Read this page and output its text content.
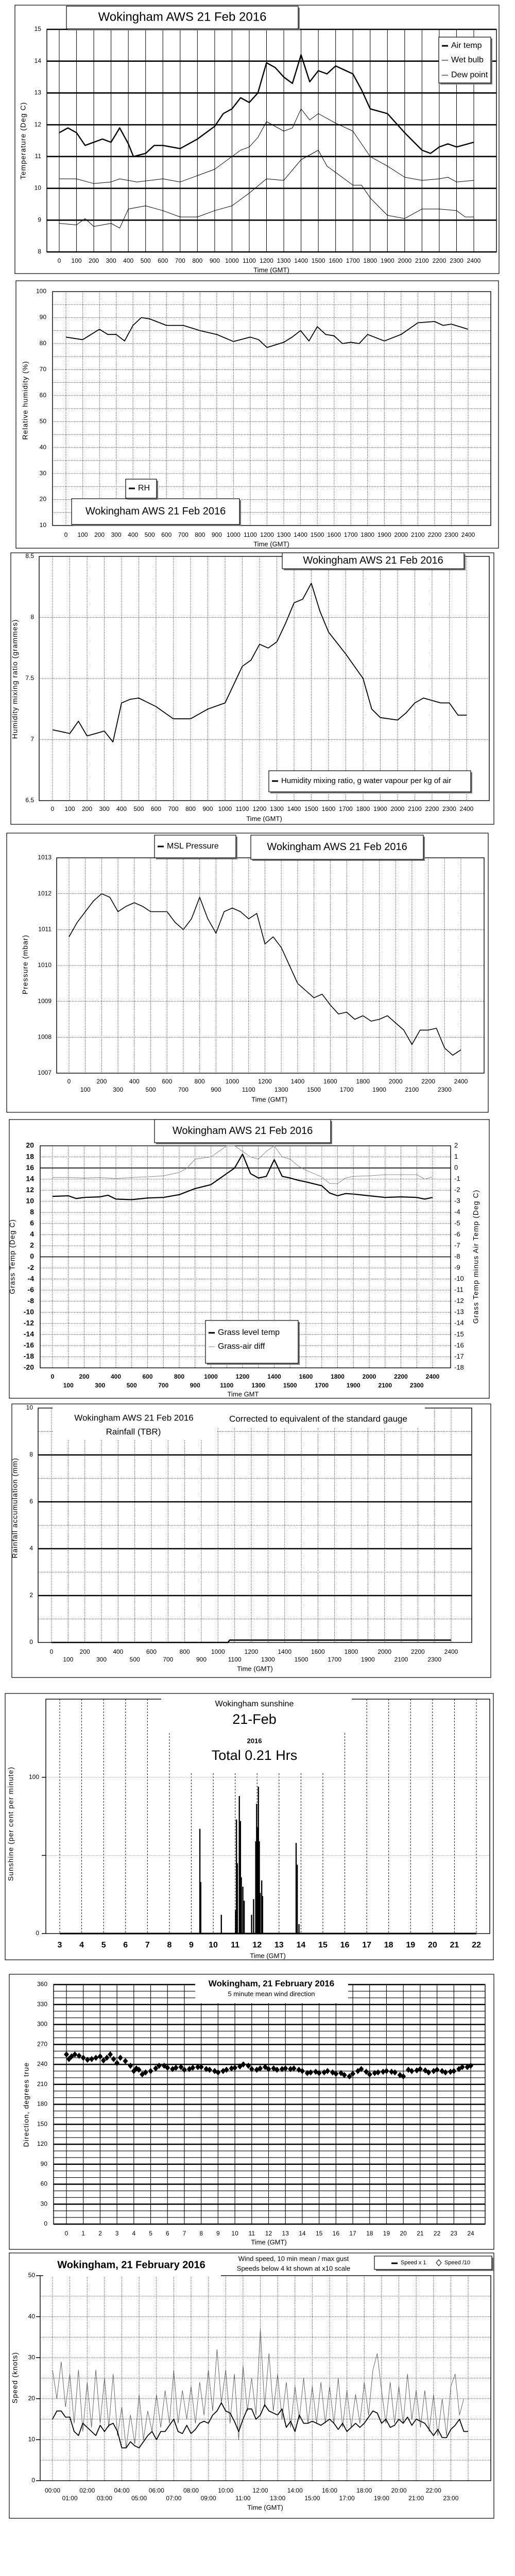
8
9
10
11
12
13
14
15
0 100 200 300 400 500 600 700 800 900 1000 1100 1200 1300 1400 1500 1600 1700 1800 1900 2000 2100 2200 2300 2400
Time (GMT)
Temperature (Deg C)
Wokingham AWS 21 Feb 2016
Air temp
Wet bulb
Dew point
10
20
30
40
50
60
70
80
90
100
0 100 200 300 400 500 600 700 800 900 1000 1100 1200 1300 1400 1500 1600 1700 1800 1900 2000 2100 2200 2300 2400
Time (GMT)
Relative humidity (%)
Wokingham AWS 21 Feb 2016
RH
6.5
7
7.5
8
8.5
0 100 200 300 400 500 600 700 800 900 1000 1100 1200 1300 1400 1500 1600 1700 1800 1900 2000 2100 2200 2300 2400
Time (GMT)
Humidity mixing ratio (grammes)
Wokingham AWS 21 Feb 2016
Humidity mixing ratio, g water vapour per kg of air
1007
1008
1009
1010
1011
1012
1013
0
100
200
300
400
500
600
700
800
900
1000
1100
1200
1300
1400
1500
1600
1700
1800
1900
2000
2100
2200
2300
2400
Time (GMT)
Pressure (mbar)
Wokingham AWS 21 Feb 2016
MSL Pressure
-20
-18
-16
-14
-12
-10
-8
-6
-4
-2
0
2
4
6
8
10
12
14
16
18
20
-18
-17
-16
-15
-14
-13
-12
-11
-10
-9
-8
-7
-6
-5
-4
-3
-2
-1
0
1
2
Grass Temp minus Air Temp (Deg C)
0
100
200
300
400
500
600
700
800
900
1000
1100
1200
1300
1400
1500
1600
1700
1800
1900
2000
2100
2200
2300
2400
Time GMT
Grass Temp (Deg C)
Wokingham AWS 21 Feb 2016
Grass level temp
Grass-air diff
0
2
4
6
8
10
0
100
200
300
400
500
600
700
800
900
1000
1100
1200
1300
1400
1500
1600
1700
1800
1900
2000
2100
2200
2300
2400
Time (GMT)
Rainfall accumulation (mm)
Wokingham AWS 21 Feb 2016
Rainfall (TBR)
Corrected to equivalent of the standard gauge
0
100
3 4 5 6 7 8 9 10 11 12 13 14 15 16 17 18 19 20 21 22
Time (GMT)
Sunshine (per cent per minute)
Wokingham sunshine
21-Feb
2016
Total 0.21 Hrs
0
30
60
90
120
150
180
210
240
270
300
330
360
0 1 2 3 4 5 6 7 8 9 10 11 12 13 14 15 16 17 18 19 20 21 22 23 24
Time (GMT)
Direction, degrees true
Wokingham, 21 February 2016
5 minute mean wind direction
0
10
20
30
40
50
00:00
01:00
02:00
03:00
04:00
05:00
06:00
07:00
08:00
09:00
10:00
11:00
12:00
13:00
14:00
15:00
16:00
17:00
18:00
19:00
20:00
21:00
22:00
23:00
Time (GMT)
Speed (knots)
Wokingham, 21 February 2016
Wind speed, 10 min mean / max gust
Speeds below 4 kt shown at x10 scale
Speed x 1	Speed /10
